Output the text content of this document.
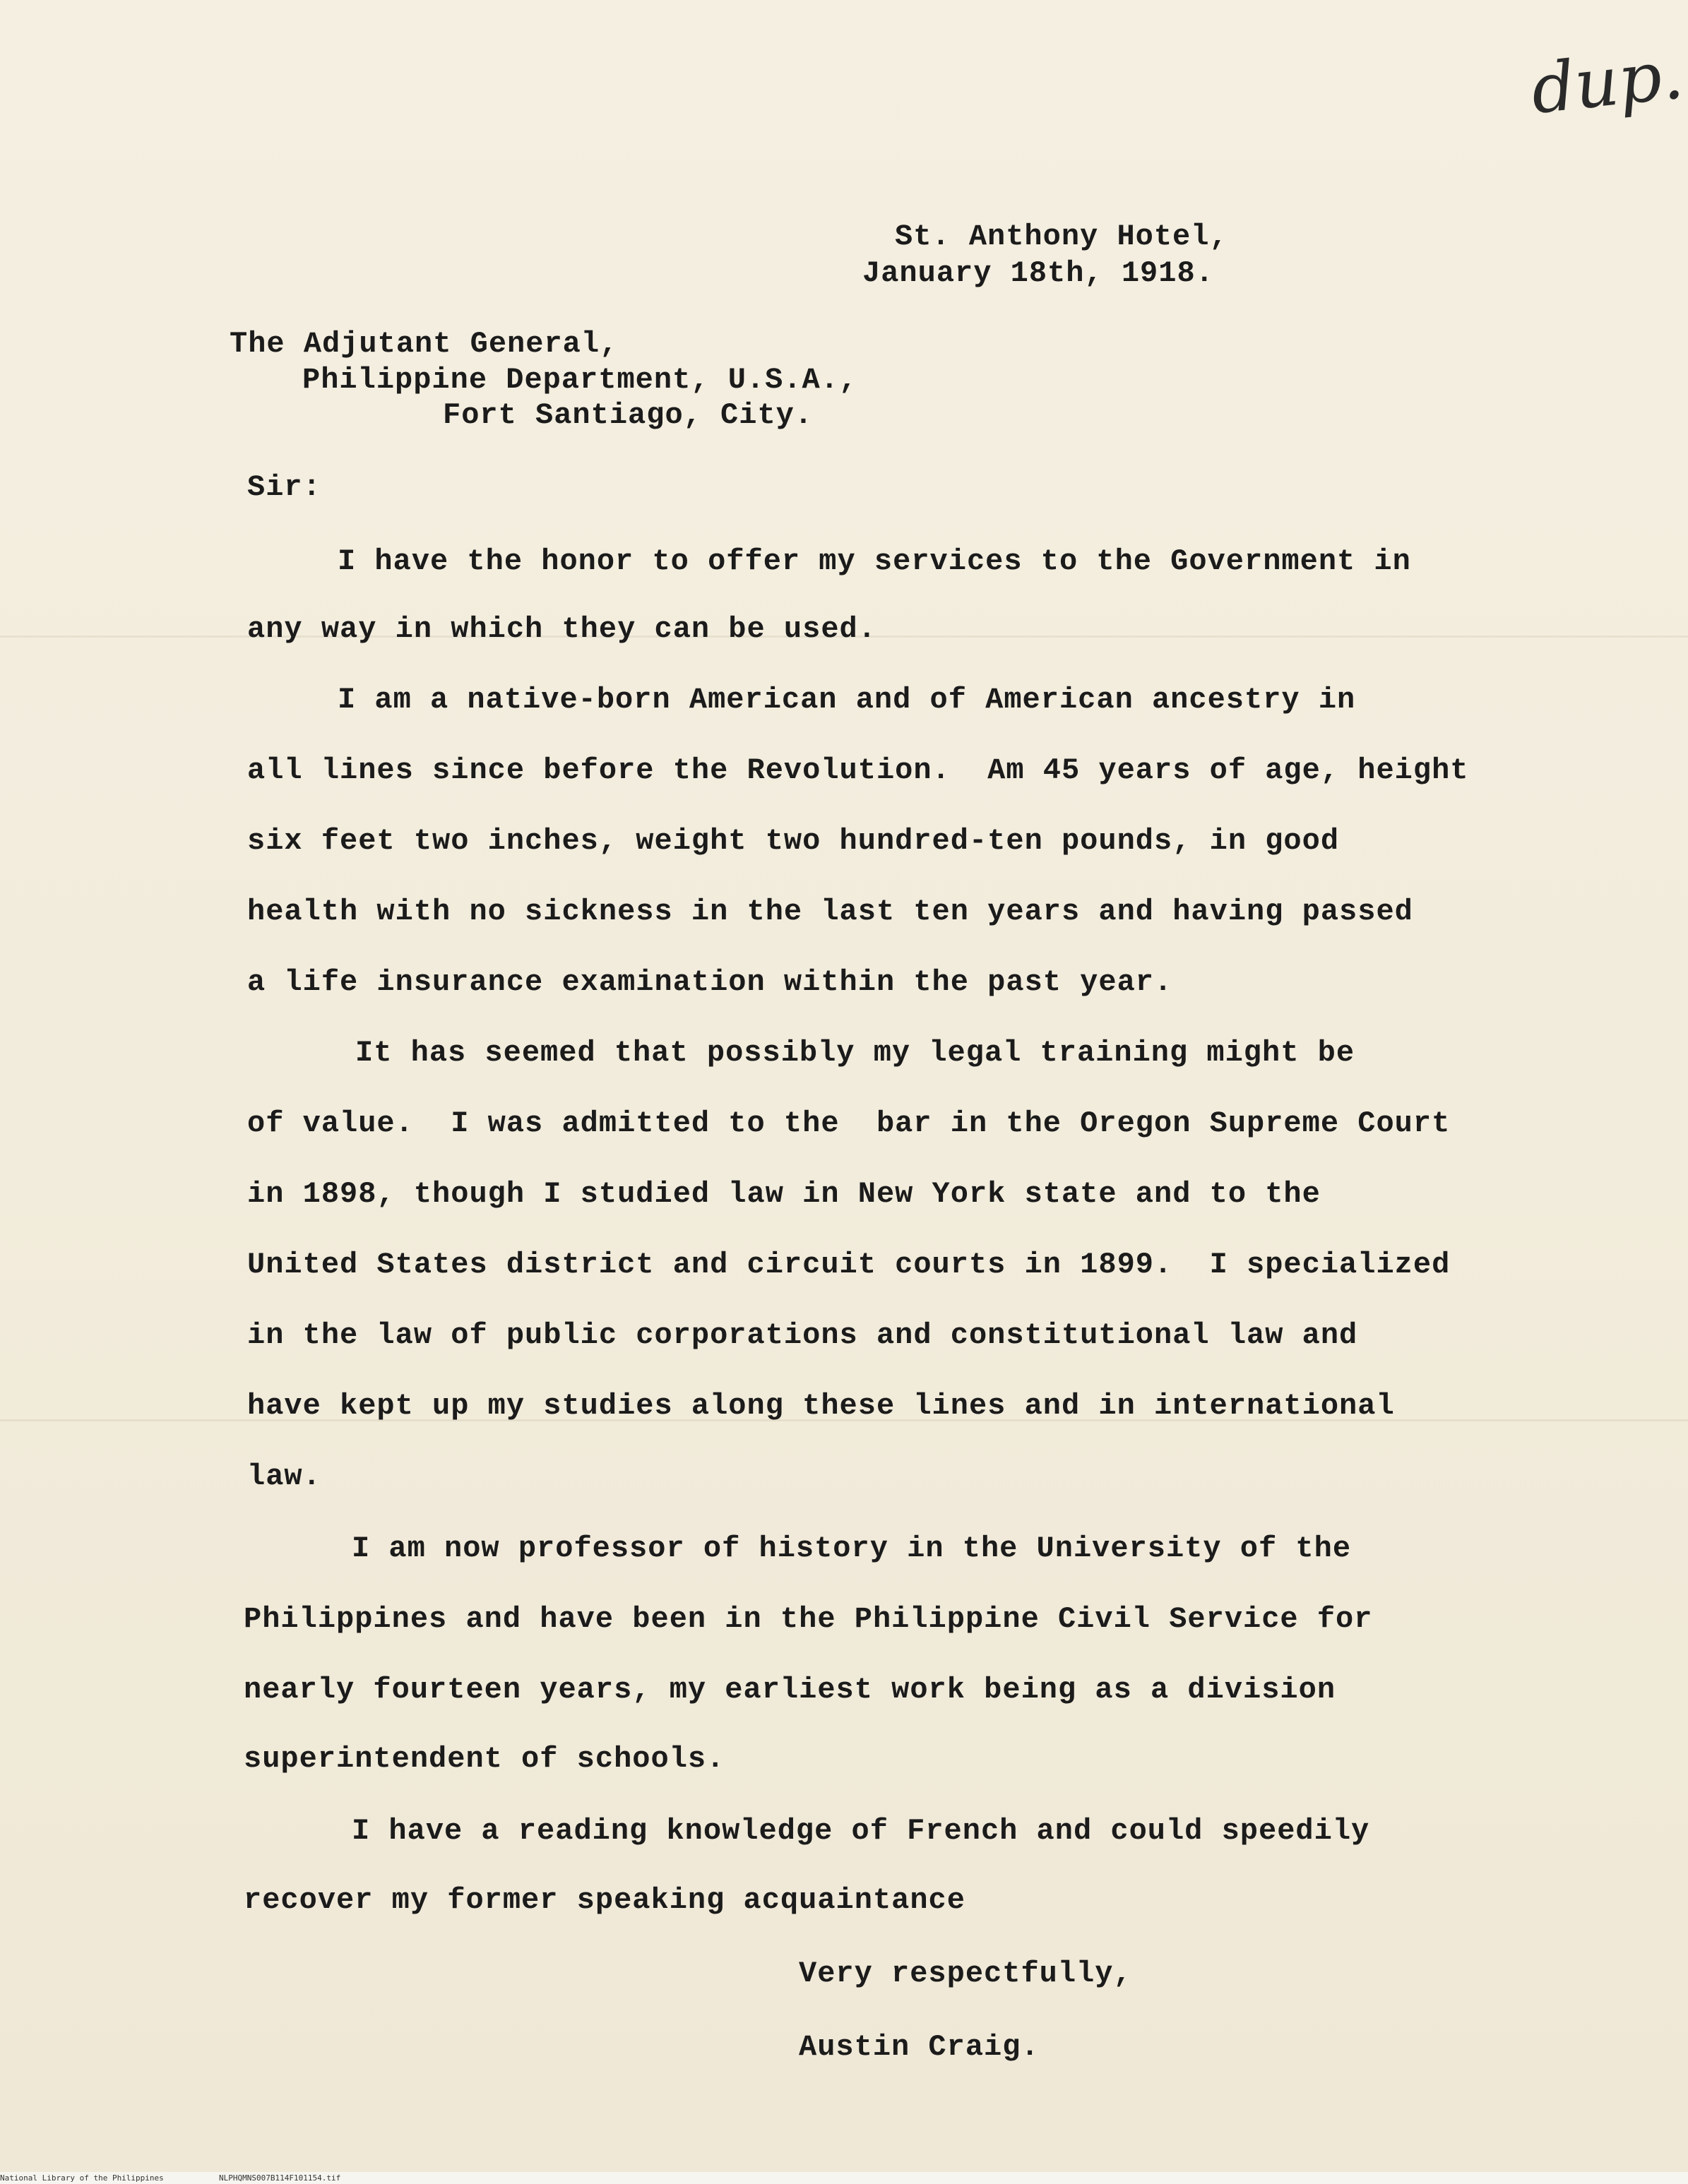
dup.
St. Anthony Hotel,
January 18th, 1918.
The Adjutant General,
Philippine Department, U.S.A.,
Fort Santiago, City.
Sir:
I have the honor to offer my services to the Government in
any way in which they can be used.
I am a native-born American and of American ancestry in
all lines since before the Revolution.  Am 45 years of age, height
six feet two inches, weight two hundred-ten pounds, in good
health with no sickness in the last ten years and having passed
a life insurance examination within the past year.
It has seemed that possibly my legal training might be
of value.  I was admitted to the  bar in the Oregon Supreme Court
in 1898, though I studied law in New York state and to the
United States district and circuit courts in 1899.  I specialized
in the law of public corporations and constitutional law and
have kept up my studies along these lines and in international
law.
I am now professor of history in the University of the
Philippines and have been in the Philippine Civil Service for
nearly fourteen years, my earliest work being as a division
superintendent of schools.
I have a reading knowledge of French and could speedily
recover my former speaking acquaintance
Very respectfully,
Austin Craig.
National Library of the Philippines	NLPHQMNS007B114F101154.tif
